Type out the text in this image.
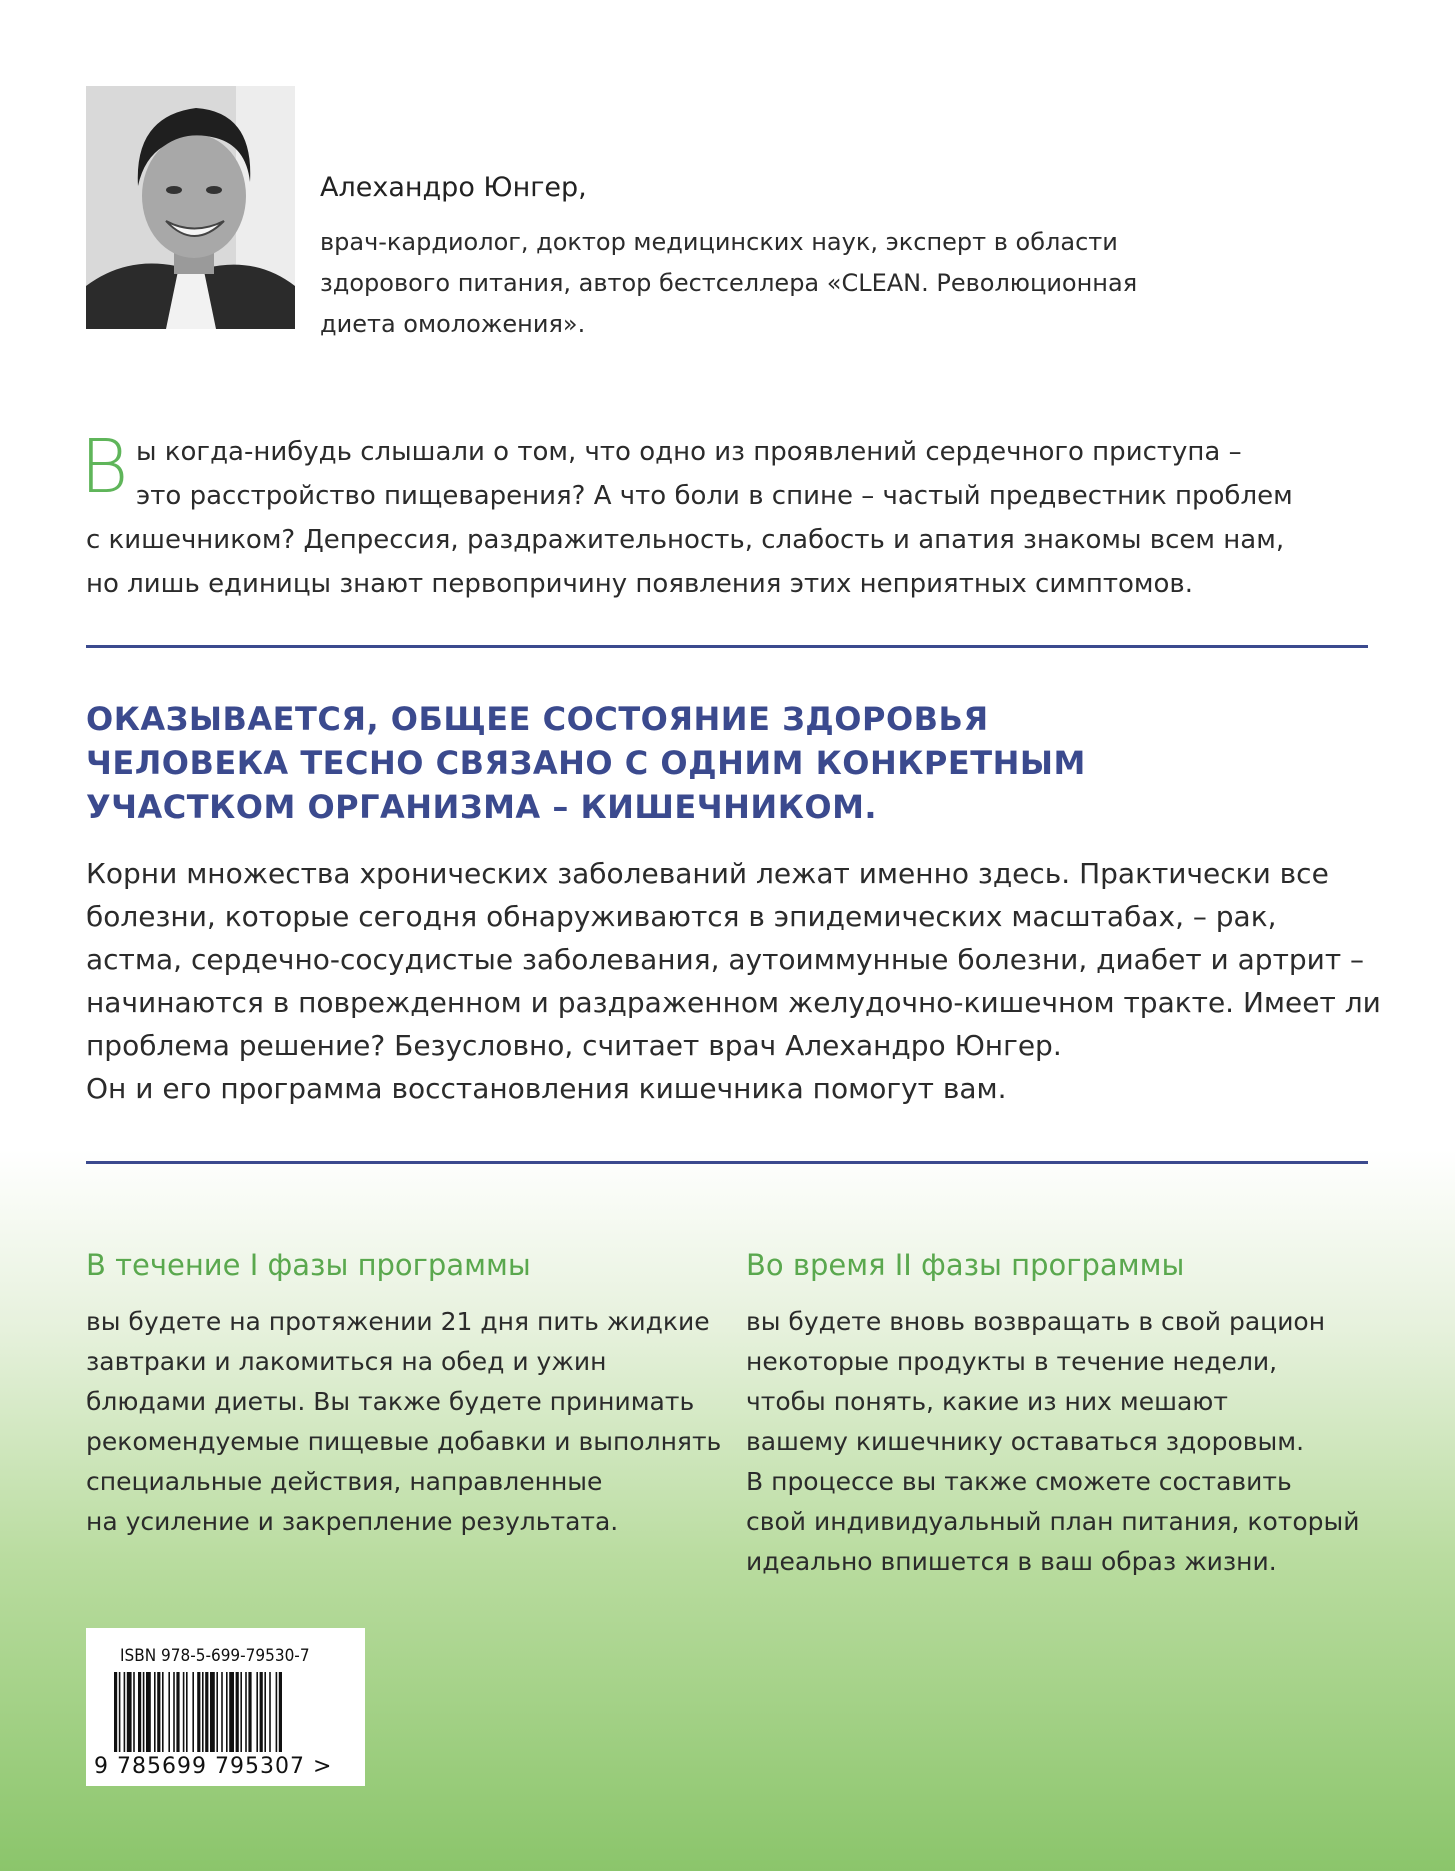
Алехандро Юнгер,
врач-кардиолог, доктор медицинских наук, эксперт в области
здорового питания, автор бестселлера «CLEAN. Революционная
диета омоложения».
В ы когда-нибудь слышали о том, что одно из проявлений сердечного приступа –
это расстройство пищеварения? А что боли в спине – частый предвестник проблем
с кишечником? Депрессия, раздражительность, слабость и апатия знакомы всем нам,
но лишь единицы знают первопричину появления этих неприятных симптомов.
ОКАЗЫВАЕТСЯ, ОБЩЕЕ СОСТОЯНИЕ ЗДОРОВЬЯ
ЧЕЛОВЕКА ТЕСНО СВЯЗАНО С ОДНИМ КОНКРЕТНЫМ
УЧАСТКОМ ОРГАНИЗМА – КИШЕЧНИКОМ.
Корни множества хронических заболеваний лежат именно здесь. Практически все
болезни, которые сегодня обнаруживаются в эпидемических масштабах, – рак,
астма, сердечно-сосудистые заболевания, аутоиммунные болезни, диабет и артрит –
начинаются в поврежденном и раздраженном желудочно-кишечном тракте. Имеет ли
проблема решение? Безусловно, считает врач Алехандро Юнгер.
Он и его программа восстановления кишечника помогут вам.
В течение I фазы программы
вы будете на протяжении 21 дня пить жидкие
завтраки и лакомиться на обед и ужин
блюдами диеты. Вы также будете принимать
рекомендуемые пищевые добавки и выполнять
специальные действия, направленные
на усиление и закрепление результата.
Во время II фазы программы
вы будете вновь возвращать в свой рацион
некоторые продукты в течение недели,
чтобы понять, какие из них мешают
вашему кишечнику оставаться здоровым.
В процессе вы также сможете составить
свой индивидуальный план питания, который
идеально впишется в ваш образ жизни.
ISBN 978-5-699-79530-7
9 785699 795307 >
